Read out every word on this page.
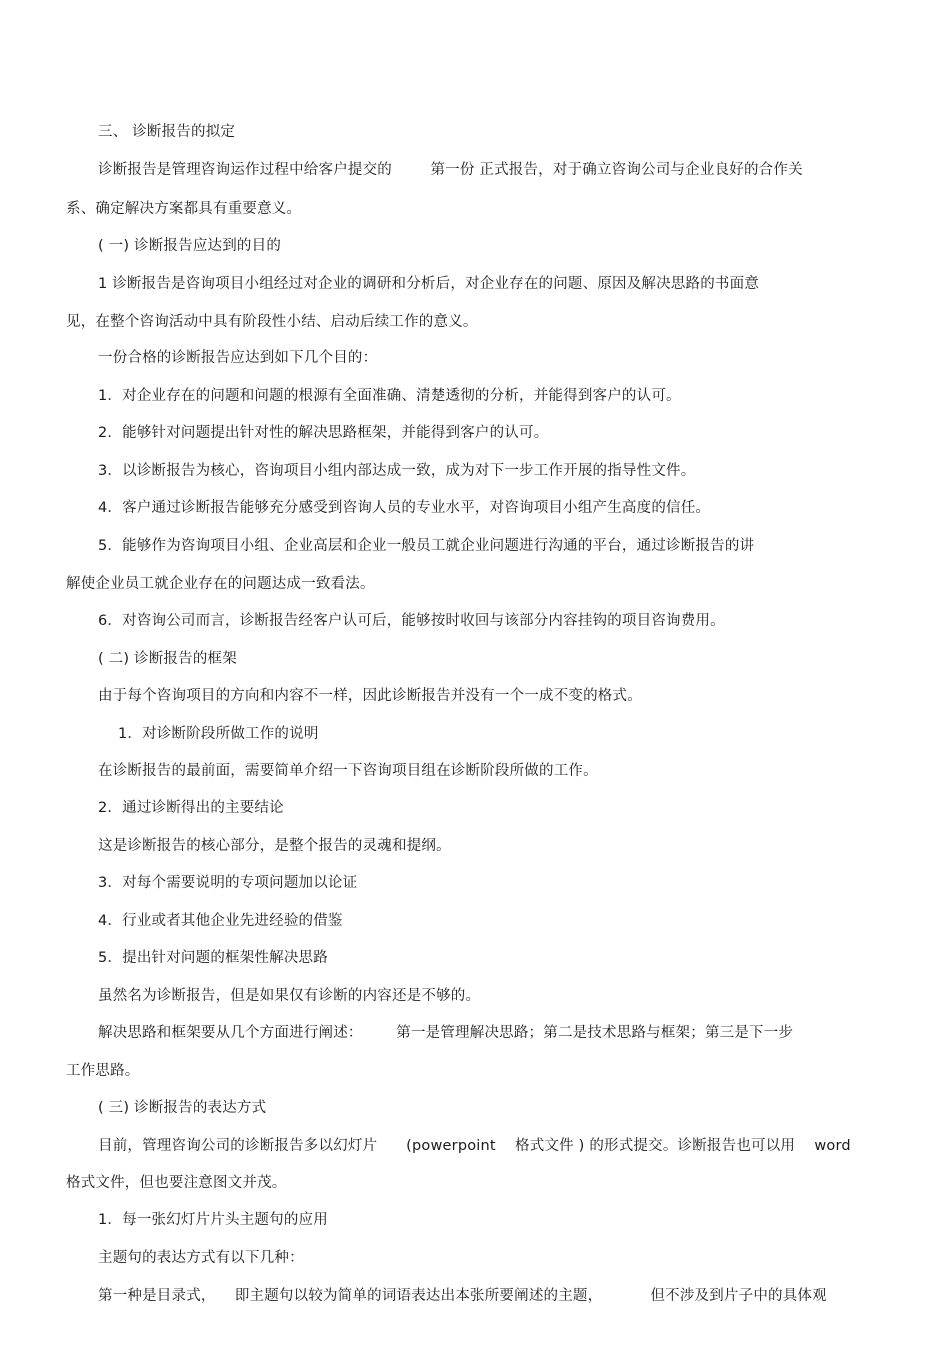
三、 诊断报告的拟定
诊断报告是管理咨询运作过程中给客户提交的        第一份 正式报告，对于确立咨询公司与企业良好的合作关
系、确定解决方案都具有重要意义。
( 一) 诊断报告应达到的目的
1 诊断报告是咨询项目小组经过对企业的调研和分析后，对企业存在的问题、原因及解决思路的书面意
见，在整个咨询活动中具有阶段性小结、启动后续工作的意义。
一份合格的诊断报告应达到如下几个目的：
1．对企业存在的问题和问题的根源有全面准确、清楚透彻的分析，并能得到客户的认可。
2．能够针对问题提出针对性的解决思路框架，并能得到客户的认可。
3．以诊断报告为核心，咨询项目小组内部达成一致，成为对下一步工作开展的指导性文件。
4．客户通过诊断报告能够充分感受到咨询人员的专业水平，对咨询项目小组产生高度的信任。
5．能够作为咨询项目小组、企业高层和企业一般员工就企业问题进行沟通的平台，通过诊断报告的讲
解使企业员工就企业存在的问题达成一致看法。
6．对咨询公司而言，诊断报告经客户认可后，能够按时收回与该部分内容挂钩的项目咨询费用。
( 二) 诊断报告的框架
由于每个咨询项目的方向和内容不一样，因此诊断报告并没有一个一成不变的格式。
1．对诊断阶段所做工作的说明
在诊断报告的最前面，需要简单介绍一下咨询项目组在诊断阶段所做的工作。
2．通过诊断得出的主要结论
这是诊断报告的核心部分，是整个报告的灵魂和提纲。
3．对每个需要说明的专项问题加以论证
4．行业或者其他企业先进经验的借鉴
5．提出针对问题的框架性解决思路
虽然名为诊断报告，但是如果仅有诊断的内容还是不够的。
解决思路和框架要从几个方面进行阐述：       第一是管理解决思路；第二是技术思路与框架；第三是下一步
工作思路。
( 三) 诊断报告的表达方式
目前，管理咨询公司的诊断报告多以幻灯片      (powerpoint    格式文件 ) 的形式提交。诊断报告也可以用    word
格式文件，但也要注意图文并茂。
1．每一张幻灯片片头主题句的应用
主题句的表达方式有以下几种：
第一种是目录式，    即主题句以较为简单的词语表达出本张所要阐述的主题，          但不涉及到片子中的具体观
